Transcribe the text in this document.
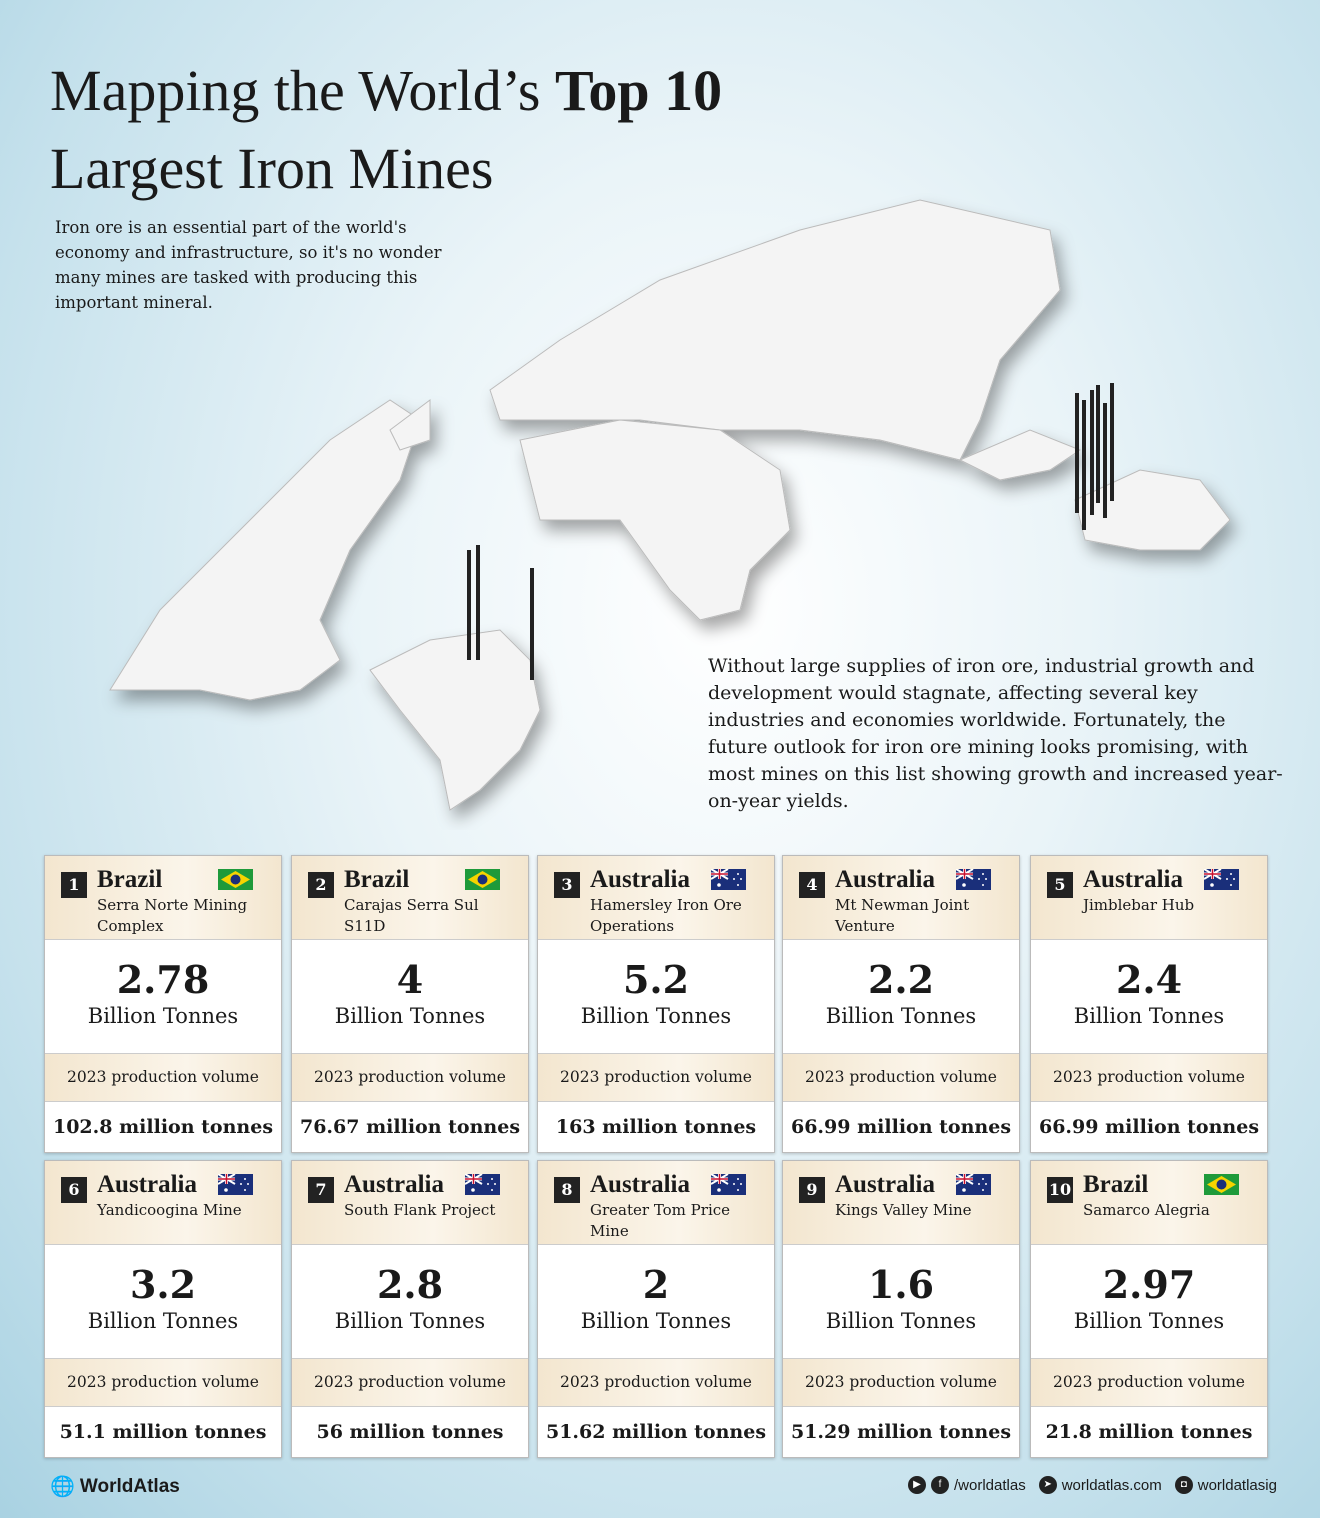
Mapping the World’s Top 10
Largest Iron Mines
Iron ore is an essential part of the world's economy and infrastructure, so it's no wonder many mines are tasked with producing this important mineral.
Without large supplies of iron ore, industrial growth and development would stagnate, affecting several key industries and economies worldwide. Fortunately, the future outlook for iron ore mining looks promising, with most mines on this list showing growth and increased year-on-year yields.
1 Brazil
Serra Norte Mining Complex
2.78
Billion Tonnes
2023 production volume
102.8 million tonnes
2 Brazil
Carajas Serra Sul S11D
4
Billion Tonnes
2023 production volume
76.67 million tonnes
3 Australia
Hamersley Iron Ore Operations
5.2
Billion Tonnes
2023 production volume
163 million tonnes
4 Australia
Mt Newman Joint Venture
2.2
Billion Tonnes
2023 production volume
66.99 million tonnes
5 Australia
Jimblebar Hub
2.4
Billion Tonnes
2023 production volume
66.99 million tonnes
6 Australia
Yandicoogina Mine
3.2
Billion Tonnes
2023 production volume
51.1 million tonnes
7 Australia
South Flank Project
2.8
Billion Tonnes
2023 production volume
56 million tonnes
8 Australia
Greater Tom Price Mine
2
Billion Tonnes
2023 production volume
51.62 million tonnes
9 Australia
Kings Valley Mine
1.6
Billion Tonnes
2023 production volume
51.29 million tonnes
10 Brazil
Samarco Alegria
2.97
Billion Tonnes
2023 production volume
21.8 million tonnes
🌐 WorldAtlas	▶	f /worldatlas	➤ worldatlas.com	◘ worldatlasig
